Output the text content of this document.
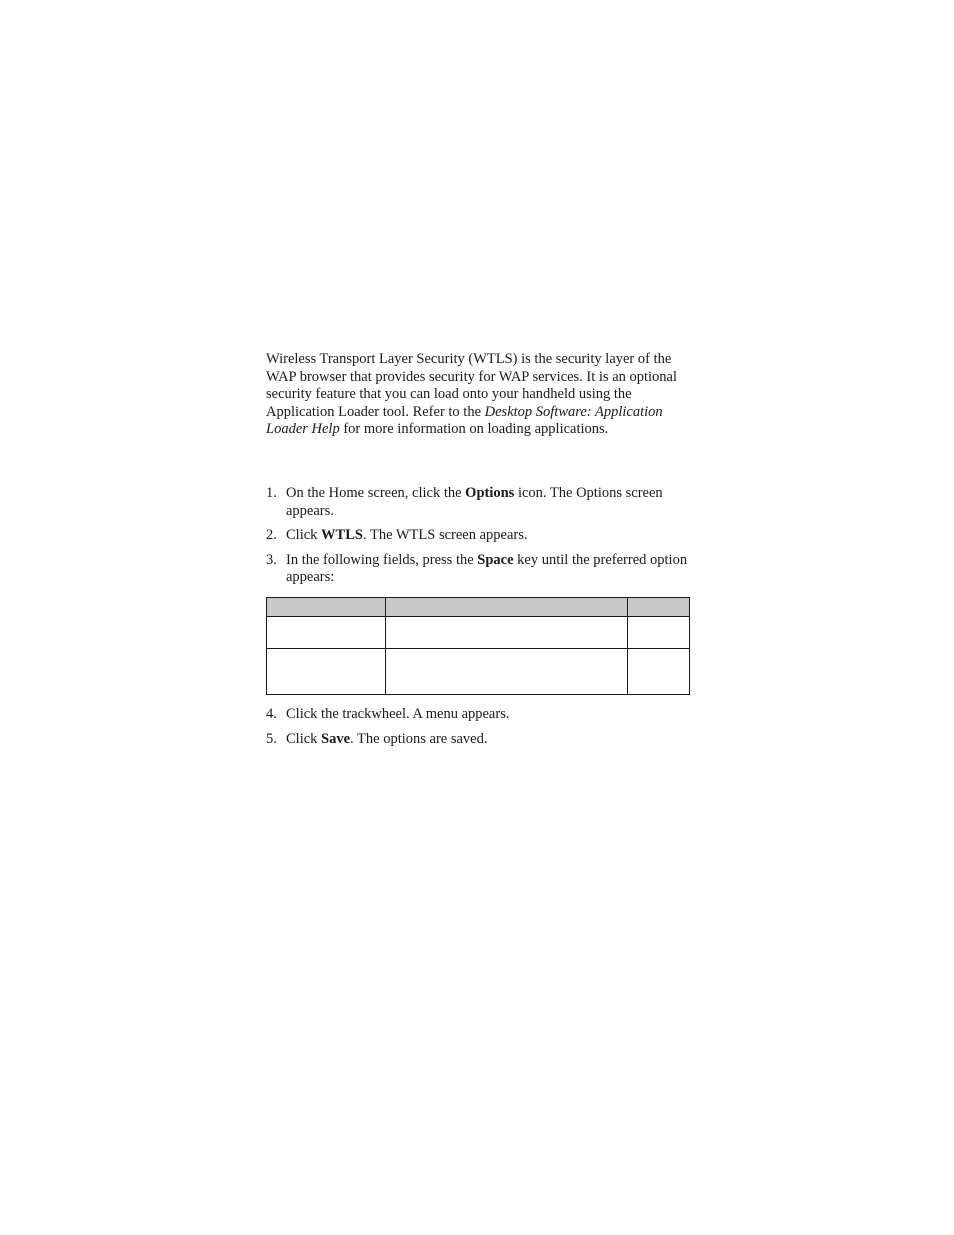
Wireless Transport Layer Security (WTLS) is the security layer of the WAP browser that provides security for WAP services. It is an optional security feature that you can load onto your handheld using the Application Loader tool. Refer to the Desktop Software: Application Loader Help for more information on loading applications.

1. On the Home screen, click the Options icon. The Options screen appears.
2. Click WTLS. The WTLS screen appears.
3. In the following fields, press the Space key until the preferred option appears:

4. Click the trackwheel. A menu appears.
5. Click Save. The options are saved.
